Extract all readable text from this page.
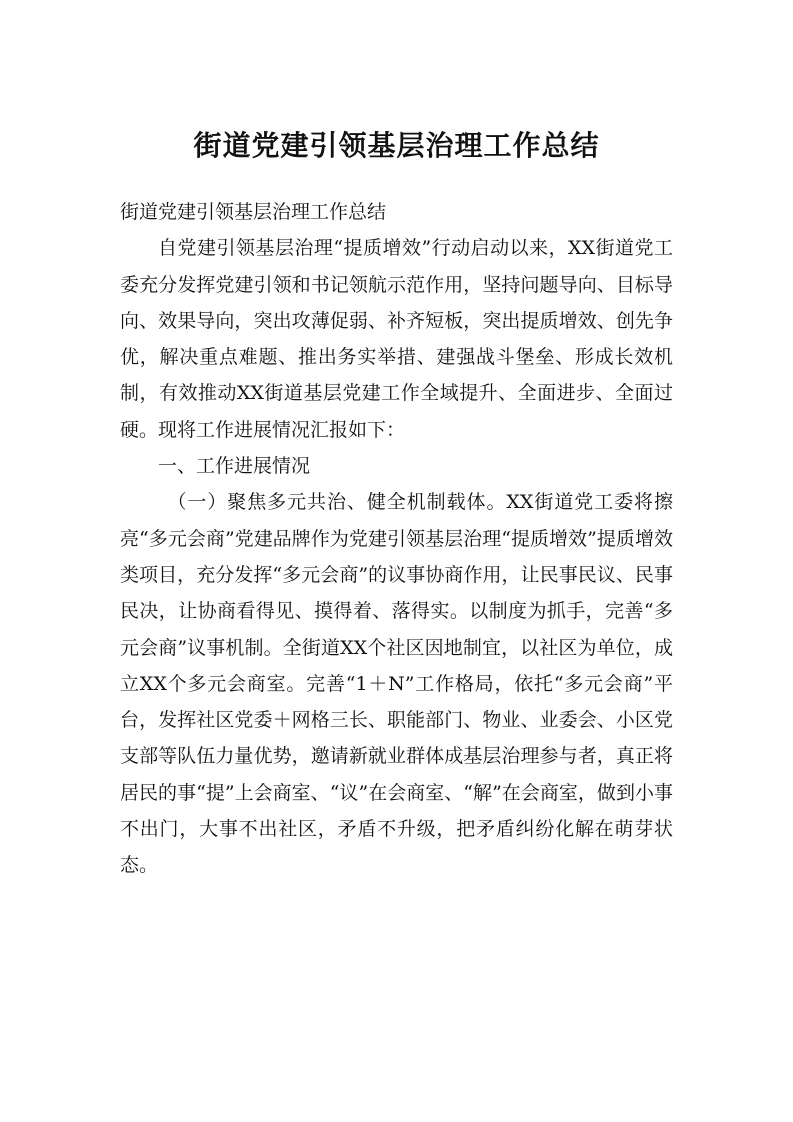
街道党建引领基层治理工作总结

街道党建引领基层治理工作总结

自党建引领基层治理“提质增效”行动启动以来，XX街道党工委充分发挥党建引领和书记领航示范作用，坚持问题导向、目标导向、效果导向，突出攻薄促弱、补齐短板，突出提质增效、创先争优，解决重点难题、推出务实举措、建强战斗堡垒、形成长效机制，有效推动XX街道基层党建工作全域提升、全面进步、全面过硬。现将工作进展情况汇报如下：

一、工作进展情况

（一）聚焦多元共治、健全机制载体。XX街道党工委将擦亮“多元会商”党建品牌作为党建引领基层治理“提质增效”提质增效类项目，充分发挥“多元会商”的议事协商作用，让民事民议、民事民决，让协商看得见、摸得着、落得实。以制度为抓手，完善“多元会商”议事机制。全街道XX个社区因地制宜，以社区为单位，成立XX个多元会商室。完善“1＋N”工作格局，依托“多元会商”平台，发挥社区党委＋网格三长、职能部门、物业、业委会、小区党支部等队伍力量优势，邀请新就业群体成基层治理参与者，真正将居民的事“提”上会商室、“议”在会商室、“解”在会商室，做到小事不出门，大事不出社区，矛盾不升级，把矛盾纠纷化解在萌芽状态。
